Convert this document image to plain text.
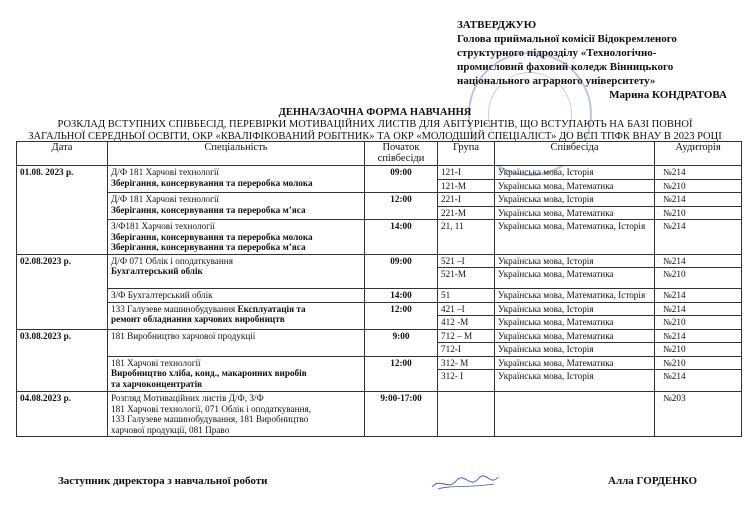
ЗАТВЕРДЖУЮ
Голова приймальної комісії Відокремленого
структурного підрозділу «Технологічно-
промисловий фаховий коледж Вінницького
національного аграрного університету»
Марина КОНДРАТОВА
ДЕННА/ЗАОЧНА ФОРМА НАВЧАННЯ
РОЗКЛАД ВСТУПНИХ СПІВБЕСІД, ПЕРЕВІРКИ МОТИВАЦІЙНИХ ЛИСТІВ ДЛЯ АБІТУРІЄНТІВ, ЩО ВСТУПАЮТЬ НА БАЗІ ПОВНОЇ
ЗАГАЛЬНОЇ СЕРЕДНЬОЇ ОСВІТИ, ОКР «КВАЛІФІКОВАНИЙ РОБІТНИК» ТА ОКР «МОЛОДШИЙ СПЕЦІАЛІСТ» ДО ВСП ТПФК ВНАУ В 2023 РОЦІ
Дата	Спеціальність	Початок
співбесіди	Група	Співбесіда	Аудиторія
01.08. 2023 р.	Д/Ф 181 Харчові технології
Зберігання, консервування та переробка молока	09:00	121-І	Українська мова, Історія	№214
			121-М	Українська мова, Математика	№210

	Д/Ф 181 Харчові технології
Зберігання, консервування та переробка м’яса	12:00	221-І	Українська мова, Історія	№214
			221-М	Українська мова, Математика	№210

	З/Ф181 Харчові технології
Зберігання, консервування та переробка молока
Зберігання, консервування та переробка м’яса	14:00	21, 11	Українська мова, Математика, Історія	№214
02.08.2023 р.	Д/Ф 071 Облік і оподаткування
Бухгалтерський облік	09:00	521 –І	Українська мова, Історія	№214
			521-М	Українська мова, Математика	№210
	З/Ф Бухгалтерський облік	14:00	51	Українська мова, Математика, Історія	№214

	133 Галузеве машинобудування Експлуатація та
ремонт обладнання харчових виробництв	12:00	421 –І	Українська мова, Історія	№214
			412 -М	Українська мова, Математика	№210
03.08.2023 р.	181 Виробництво харчової продукції	9:00	712 – М	Українська мова, Математика	№214
			712-І	Українська мова, Історія	№210

	181 Харчові технології
Виробництво хліба, конд., макаронних виробів
та харчоконцентратів	12:00	312- М	Українська мова, Математика	№210
			312- І	Українська мова, Історія	№214
04.08.2023 р.	Розгляд Мотиваційних листів Д/Ф, З/Ф
181 Харчові технології, 071 Облік і оподаткування,
133 Галузеве машинобудування, 181 Виробництво
харчової продукції, 081 Право	9:00-17:00			№203
Заступник директора з навчальної роботи	Алла ГОРДЕНКО
